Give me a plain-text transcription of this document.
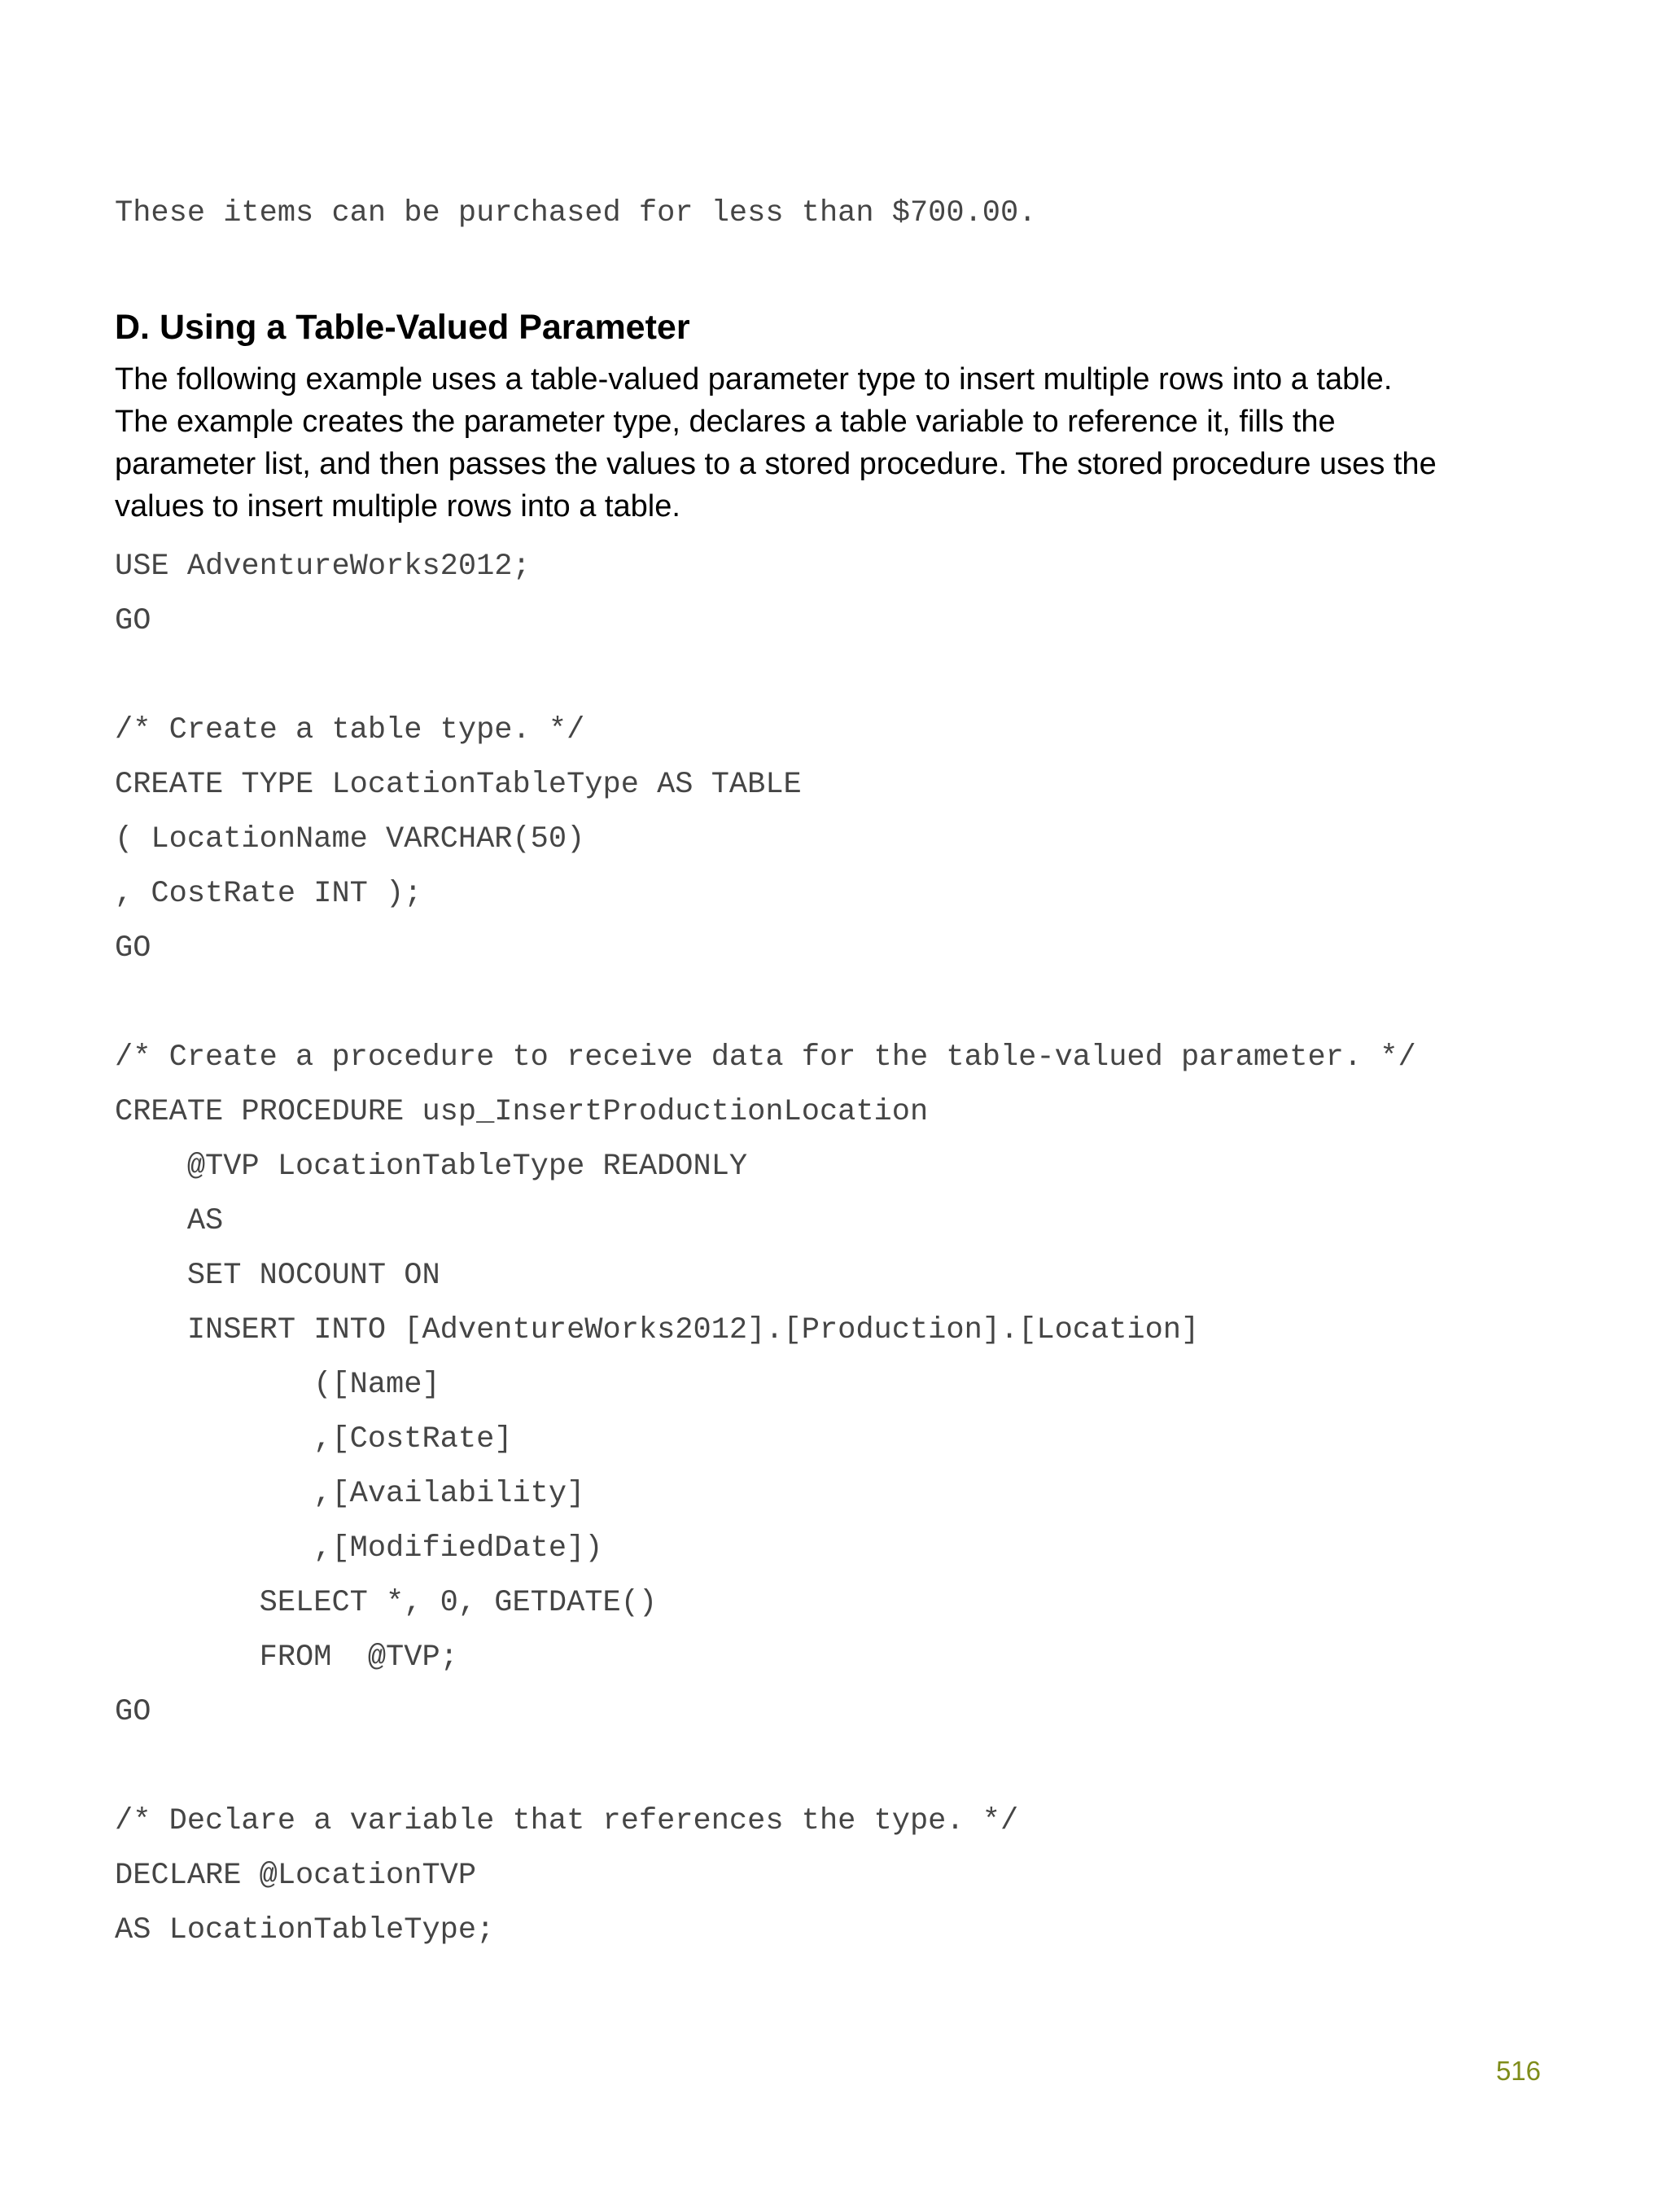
These items can be purchased for less than $700.00.

D. Using a Table-Valued Parameter
The following example uses a table-valued parameter type to insert multiple rows into a table.
The example creates the parameter type, declares a table variable to reference it, fills the
parameter list, and then passes the values to a stored procedure. The stored procedure uses the
values to insert multiple rows into a table.

USE AdventureWorks2012;

GO

/* Create a table type. */

CREATE TYPE LocationTableType AS TABLE

( LocationName VARCHAR(50)

, CostRate INT );

GO

/* Create a procedure to receive data for the table-valued parameter. */

CREATE PROCEDURE usp_InsertProductionLocation

@TVP LocationTableType READONLY

AS

SET NOCOUNT ON

INSERT INTO [AdventureWorks2012].[Production].[Location]

([Name]

,[CostRate]

,[Availability]

,[ModifiedDate])

SELECT *, 0, GETDATE()

FROM  @TVP;

GO

/* Declare a variable that references the type. */

DECLARE @LocationTVP

AS LocationTableType;

516
